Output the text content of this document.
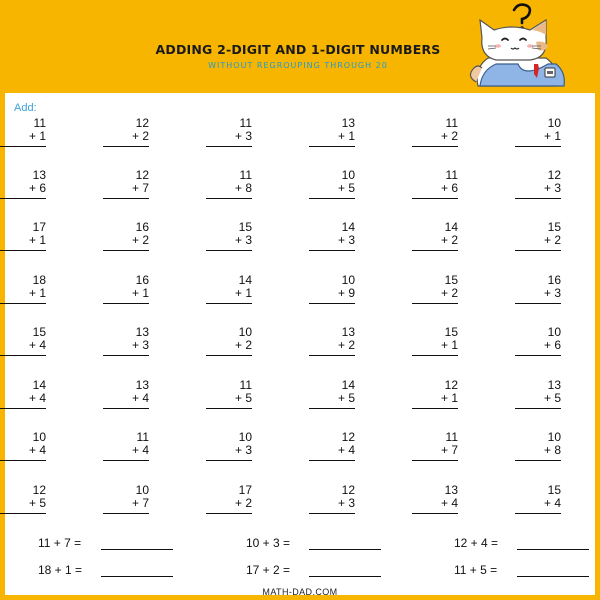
ADDING 2-DIGIT AND 1-DIGIT NUMBERS
WITHOUT REGROUPING THROUGH 20
Add:
11
+ 1
12
+ 2
11
+ 3
13
+ 1
11
+ 2
10
+ 1
13
+ 6
12
+ 7
11
+ 8
10
+ 5
11
+ 6
12
+ 3
17
+ 1
16
+ 2
15
+ 3
14
+ 3
14
+ 2
15
+ 2
18
+ 1
16
+ 1
14
+ 1
10
+ 9
15
+ 2
16
+ 3
15
+ 4
13
+ 3
10
+ 2
13
+ 2
15
+ 1
10
+ 6
14
+ 4
13
+ 4
11
+ 5
14
+ 5
12
+ 1
13
+ 5
10
+ 4
11
+ 4
10
+ 3
12
+ 4
11
+ 7
10
+ 8
12
+ 5
10
+ 7
17
+ 2
12
+ 3
13
+ 4
15
+ 4
11 + 7 =	10 + 3 =	12 + 4 =
18 + 1 =	17 + 2 =	11 + 5 =
MATH-DAD.COM
